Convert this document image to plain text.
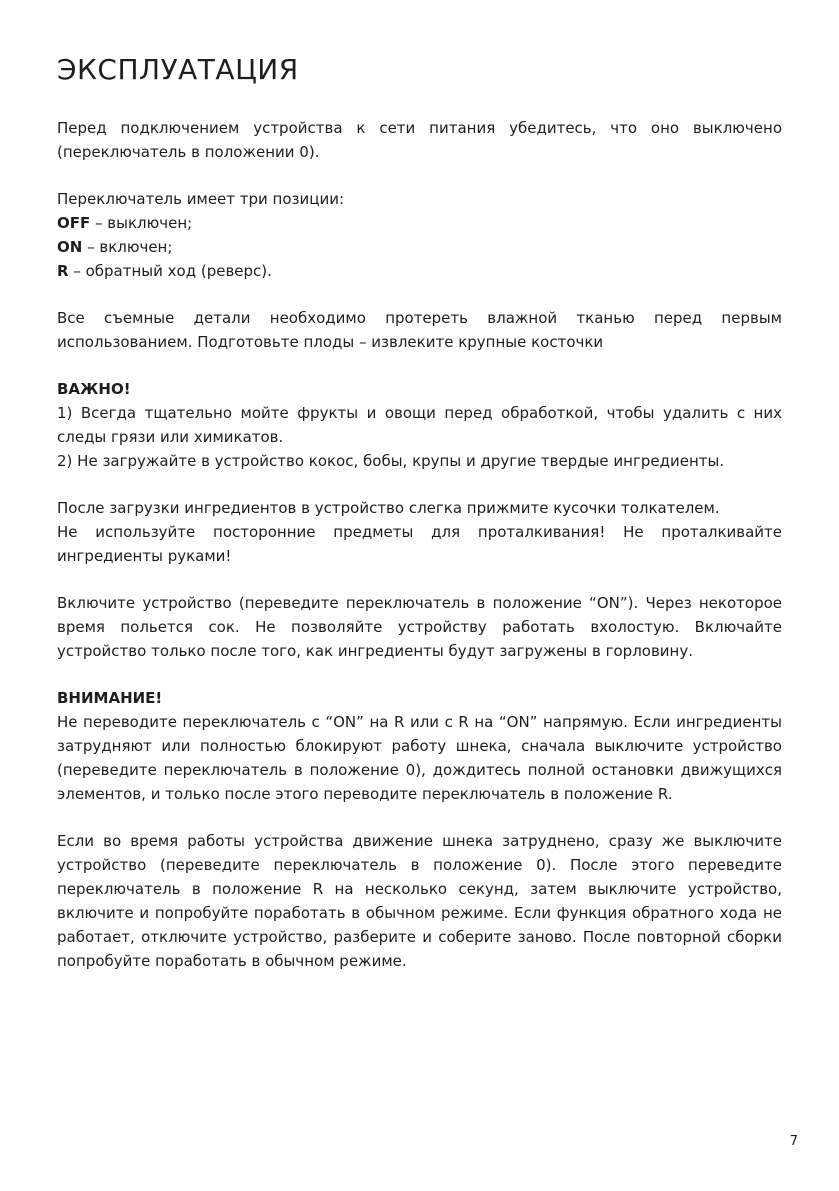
ЭКСПЛУАТАЦИЯ

Перед подключением устройства к сети питания убедитесь, что оно выключено (переключатель в положении 0).

Переключатель имеет три позиции:

OFF – выключен;

ON – включен;

R – обратный ход (реверс).

Все съемные детали необходимо протереть влажной тканью перед первым использованием. Подготовьте плоды – извлеките крупные косточки

ВАЖНО!

1) Всегда тщательно мойте фрукты и овощи перед обработкой, чтобы удалить с них следы грязи или химикатов.

2) Не загружайте в устройство кокос, бобы, крупы и другие твердые ингредиенты.

После загрузки ингредиентов в устройство слегка прижмите кусочки толкателем.

Не используйте посторонние предметы для проталкивания! Не проталкивайте ингредиенты руками!

Включите устройство (переведите переключатель в положение “ON”). Через некоторое время польется сок. Не позволяйте устройству работать вхолостую. Включайте устройство только после того, как ингредиенты будут загружены в горловину.

ВНИМАНИЕ!

Не переводите переключатель с “ON” на R или с R на “ON” напрямую. Если ингредиенты затрудняют или полностью блокируют работу шнека, сначала выключите устройство (переведите переключатель в положение 0), дождитесь полной остановки движущихся элементов, и только после этого переводите переключатель в положение R.

Если во время работы устройства движение шнека затруднено, сразу же выключите устройство (переведите переключатель в положение 0). После этого переведите переключатель в положение R на несколько секунд, затем выключите устройство, включите и попробуйте поработать в обычном режиме. Если функция обратного хода не работает, отключите устройство, разберите и соберите заново. После повторной сборки попробуйте поработать в обычном режиме.

7
